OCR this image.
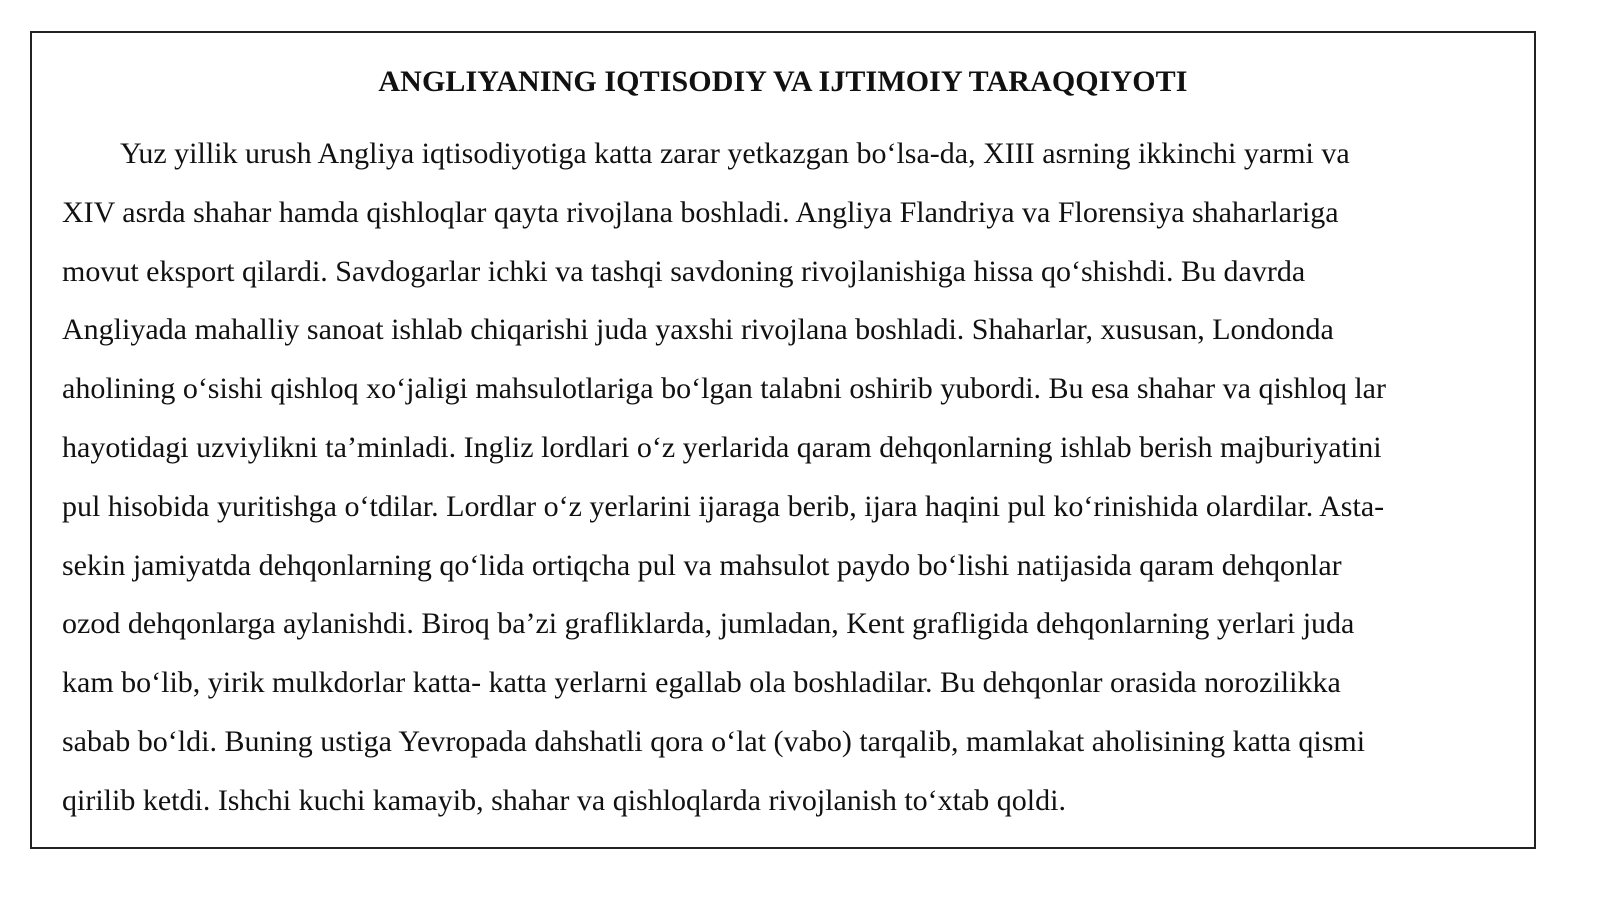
ANGLIYANING IQTISODIY VA IJTIMOIY TARAQQIYOTI
Yuz yillik urush Angliya iqtisodiyotiga katta zarar yetkazgan bo‘lsa-da, XIII asrning ikkinchi yarmi va
XIV asrda shahar hamda qishloqlar qayta rivojlana boshladi. Angliya Flandriya va Florensiya shaharlariga
movut eksport qilardi. Savdogarlar ichki va tashqi savdoning rivojlanishiga hissa qo‘shishdi. Bu davrda
Angliyada mahalliy sanoat ishlab chiqarishi juda yaxshi rivojlana boshladi. Shaharlar, xususan, Londonda
aholining o‘sishi qishloq xo‘jaligi mahsulotlariga bo‘lgan talabni oshirib yubordi. Bu esa shahar va qishloq lar
hayotidagi uzviylikni ta’minladi. Ingliz lordlari o‘z yerlarida qaram dehqonlarning ishlab berish majburiyatini
pul hisobida yuritishga o‘tdilar. Lordlar o‘z yerlarini ijaraga berib, ijara haqini pul ko‘rinishida olardilar. Asta-
sekin jamiyatda dehqonlarning qo‘lida ortiqcha pul va mahsulot paydo bo‘lishi natijasida qaram dehqonlar
ozod dehqonlarga aylanishdi. Biroq ba’zi grafliklarda, jumladan, Kent grafligida dehqonlarning yerlari juda
kam bo‘lib, yirik mulkdorlar katta- katta yerlarni egallab ola boshladilar. Bu dehqonlar orasida norozilikka
sabab bo‘ldi. Buning ustiga Yevropada dahshatli qora o‘lat (vabo) tarqalib, mamlakat aholisining katta qismi
qirilib ketdi. Ishchi kuchi kamayib, shahar va qishloqlarda rivojlanish to‘xtab qoldi.
